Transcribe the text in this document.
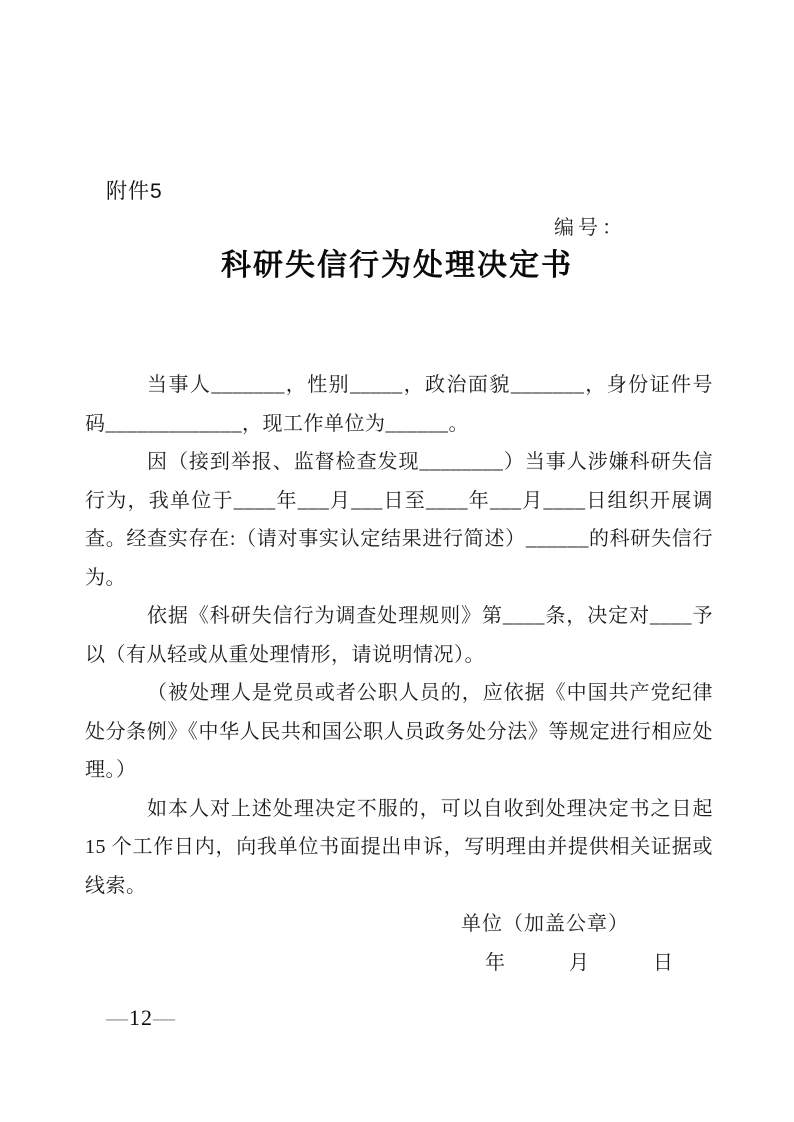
附件5
编号：
科研失信行为处理决定书

当事人_______，性别_____，政治面貌_______，身份证件号码_____________，现工作单位为______。

因（接到举报、监督检查发现________）当事人涉嫌科研失信行为，我单位于____年___月___日至____年___月____日组织开展调查。经查实存在:（请对事实认定结果进行简述）______的科研失信行为。

依据《科研失信行为调查处理规则》第____条，决定对____予以（有从轻或从重处理情形，请说明情况）。

（被处理人是党员或者公职人员的，应依据《中国共产党纪律处分条例》《中华人民共和国公职人员政务处分法》等规定进行相应处理。）

如本人对上述处理决定不服的，可以自收到处理决定书之日起 15 个工作日内，向我单位书面提出申诉，写明理由并提供相关证据或线索。

单位（加盖公章）
年　　　月　　　日
—12—
